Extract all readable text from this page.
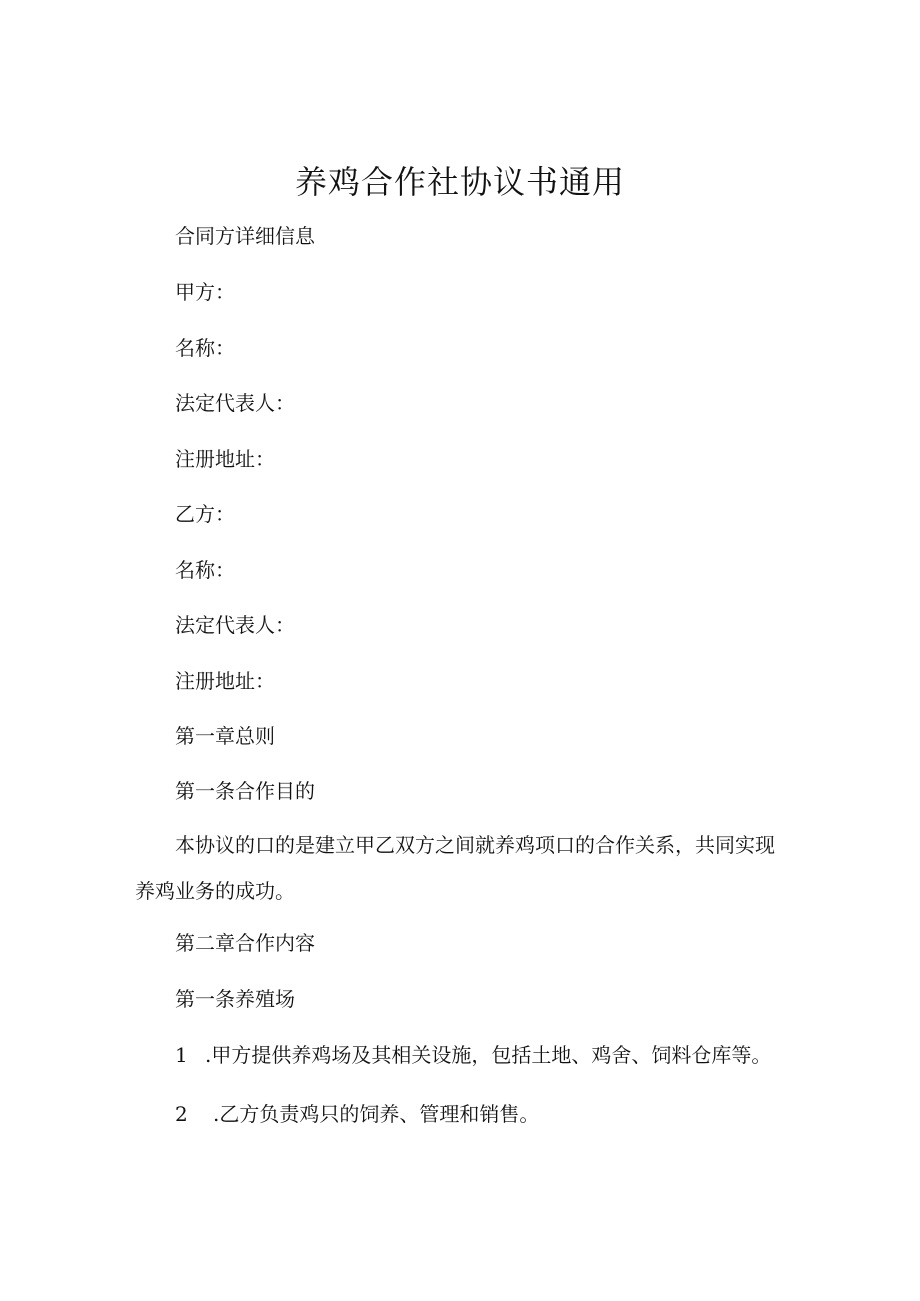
养鸡合作社协议书通用

合同方详细信息

甲方：

名称：

法定代表人：

注册地址：

乙方：

名称：

法定代表人：

注册地址：

第一章总则

第一条合作目的

本协议的口的是建立甲乙双方之间就养鸡项口的合作关系，共同实现
养鸡业务的成功。

第二章合作内容

第一条养殖场

1 .甲方提供养鸡场及其相关设施，包括土地、鸡舍、饲料仓库等。

2 .乙方负责鸡只的饲养、管理和销售。
